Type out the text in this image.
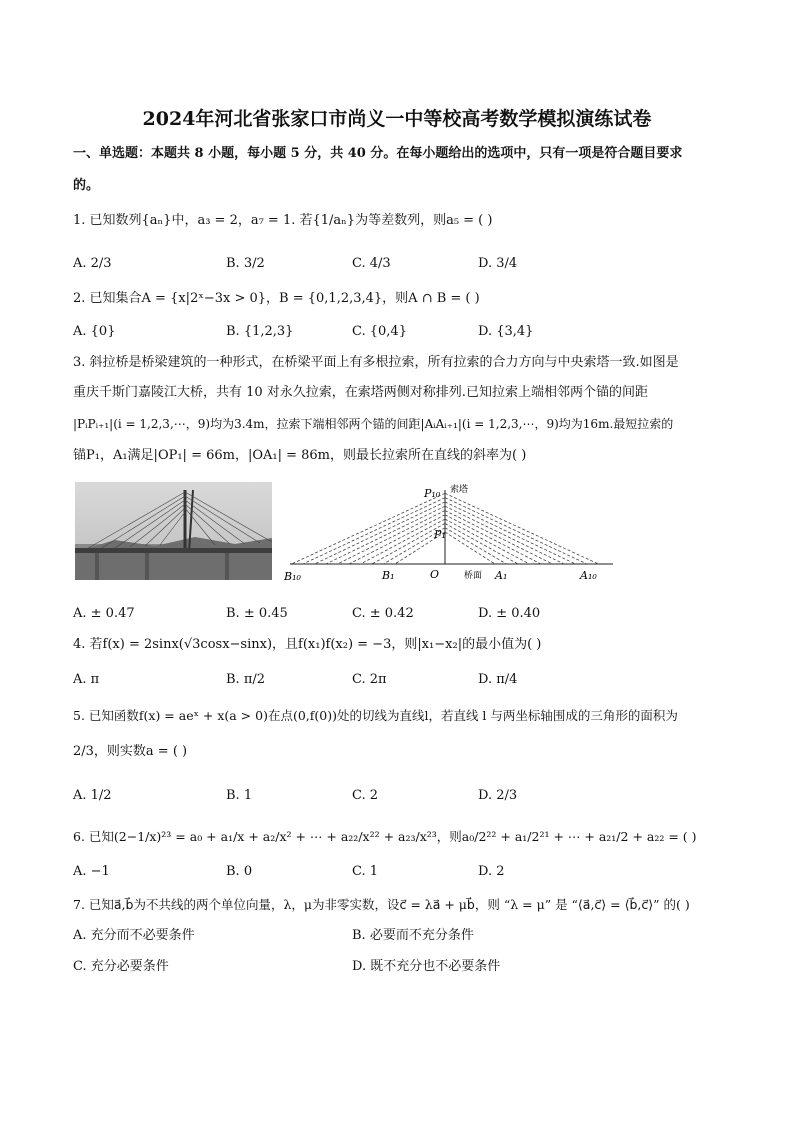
2024年河北省张家口市尚义一中等校高考数学模拟演练试卷
一、单选题：本题共 8 小题，每小题 5 分，共 40 分。在每小题给出的选项中，只有一项是符合题目要求
的。
1. 已知数列{aₙ}中，a₃ = 2，a₇ = 1. 若{1/aₙ}为等差数列，则a₅ = ( )
A. 2/3	B. 3/2	C. 4/3	D. 3/4
2. 已知集合A = {x|2ˣ−3x > 0}，B = {0,1,2,3,4}，则A ∩ B = ( )
A. {0}	B. {1,2,3}	C. {0,4}	D. {3,4}
3. 斜拉桥是桥梁建筑的一种形式，在桥梁平面上有多根拉索，所有拉索的合力方向与中央索塔一致.如图是
重庆千斯门嘉陵江大桥，共有 10 对永久拉索，在索塔两侧对称排列.已知拉索上端相邻两个锚的间距
|PᵢPᵢ₊₁|(i = 1,2,3,⋯，9)均为3.4m，拉索下端相邻两个锚的间距|AᵢAᵢ₊₁|(i = 1,2,3,⋯，9)均为16m.最短拉索的
锚P₁，A₁满足|OP₁| = 66m，|OA₁| = 86m，则最长拉索所在直线的斜率为( )
P₁₀ 索塔
P₁
O	桥面
B₁₀	B₁	A₁	A₁₀
A. ± 0.47	B. ± 0.45	C. ± 0.42	D. ± 0.40
4. 若f(x) = 2sinx(√3cosx−sinx)，且f(x₁)f(x₂) = −3，则|x₁−x₂|的最小值为( )
A. π	B. π/2	C. 2π	D. π/4
5. 已知函数f(x) = aeˣ + x(a > 0)在点(0,f(0))处的切线为直线l，若直线 l 与两坐标轴围成的三角形的面积为
2/3，则实数a = ( )
A. 1/2	B. 1	C. 2	D. 2/3
6. 已知(2−1/x)²³ = a₀ + a₁/x + a₂/x² + ⋯ + a₂₂/x²² + a₂₃/x²³，则a₀/2²² + a₁/2²¹ + ⋯ + a₂₁/2 + a₂₂ = ( )
A. −1	B. 0	C. 1	D. 2
7. 已知a⃗,b⃗为不共线的两个单位向量，λ，μ为非零实数，设c⃗ = λa⃗ + μb⃗，则 “λ = μ” 是 “⟨a⃗,c⃗⟩ = ⟨b⃗,c⃗⟩” 的( )
A. 充分而不必要条件	B. 必要而不充分条件
C. 充分必要条件	D. 既不充分也不必要条件
